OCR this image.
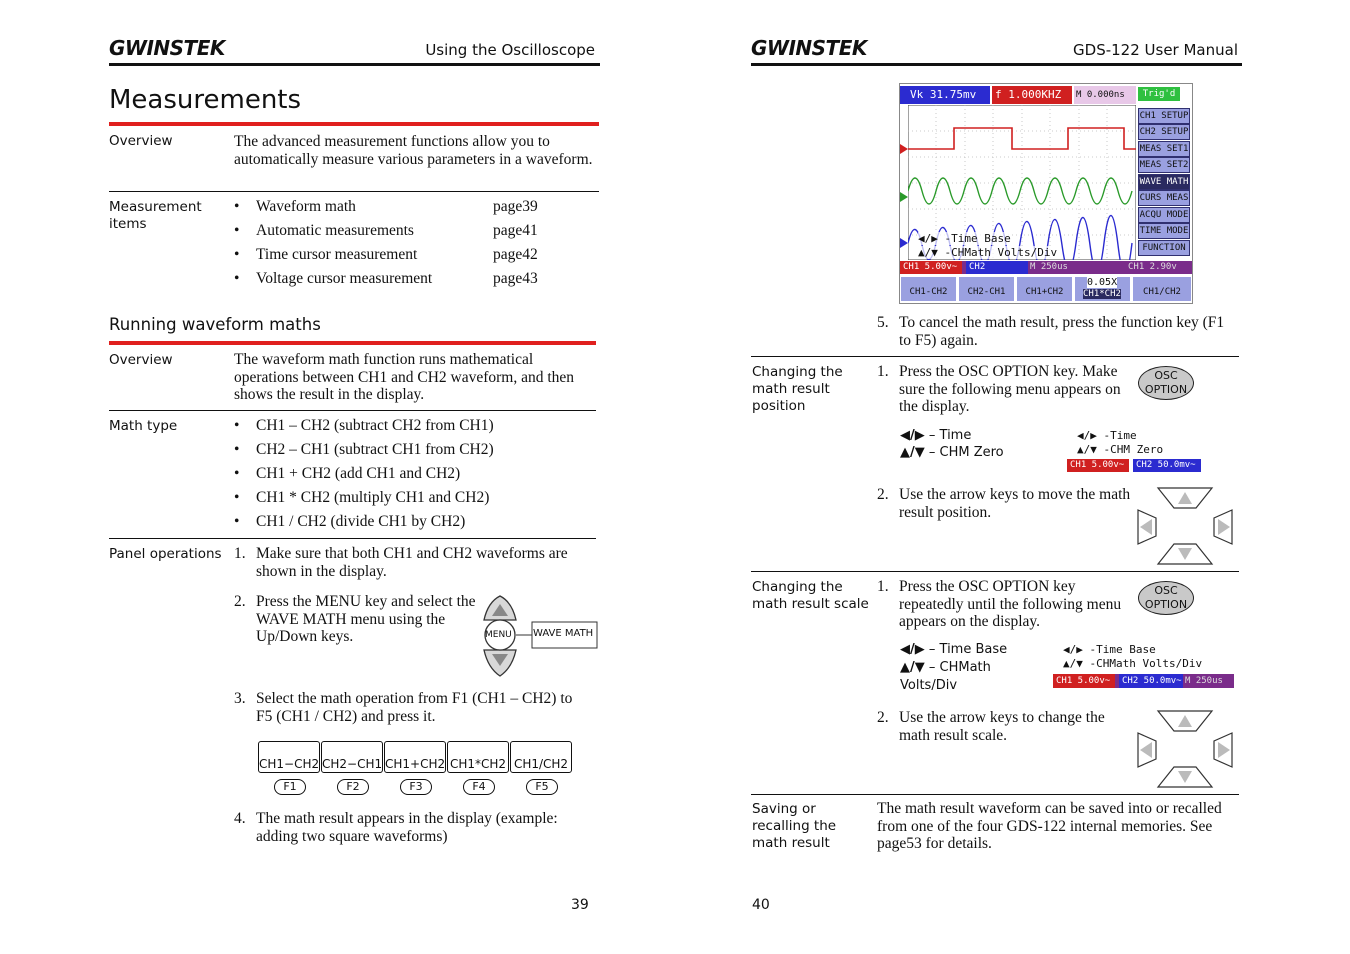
GWINSTEK	Using the Oscilloscope
Measurements
Overview	The advanced measurement functions allow you to automatically measure various parameters in a waveform.
Measurement items
• Waveform math	page39
• Automatic measurements	page41
• Time cursor measurement	page42
• Voltage cursor measurement	page43
Running waveform maths
Overview	The waveform math function runs mathematical operations between CH1 and CH2 waveform, and then shows the result in the display.
Math type	• CH1 – CH2 (subtract CH2 from CH1)
• CH2 – CH1 (subtract CH1 from CH2)
• CH1 + CH2 (add CH1 and CH2)
• CH1 * CH2 (multiply CH1 and CH2)
• CH1 / CH2 (divide CH1 by CH2)
Panel operations 1. Make sure that both CH1 and CH2 waveforms are shown in the display.
2. Press the MENU key and select the WAVE MATH menu using the Up/Down keys.	MENU WAVE MATH
3. Select the math operation from F1 (CH1 – CH2) to F5 (CH1 / CH2) and press it.
CH1−CH2 CH2−CH1 CH1+CH2 CH1*CH2 CH1/CH2
F1	F2	F3	F4	F5
4. The math result appears in the display (example: adding two square waveforms)
39
GWINSTEK	GDS-122 User Manual
Vk 31.75mv	f 1.000KHZ	M 0.000ns	Trig'd
◀/▶ -Time Base
▲/▼ -CHMath Volts/Div
CH1 SETUP
CH2 SETUP
MEAS SET1
MEAS SET2
WAVE MATH
CURS MEAS
ACQU MODE
TIME MODE
FUNCTION
CH1 5.00v~	CH2	M 250us	CH1 2.90v
CH1-CH2	CH2-CH1	CH1+CH2
0.05X
CH1*CH2	CH1/CH2
5. To cancel the math result, press the function key (F1 to F5) again.
Changing the math result position
1. Press the OSC OPTION key. Make sure the following menu appears on the display.
OSC
OPTION
◀/▶ – Time
▲/▼ – CHM Zero
◀/▶ -Time
▲/▼ -CHM Zero
CH1 5.00v~	CH2 50.0mv~
2. Use the arrow keys to move the math result position.
Changing the math result scale
1. Press the OSC OPTION key repeatedly until the following menu appears on the display.
OSC
OPTION
◀/▶ – Time Base
▲/▼ – CHMath
Volts/Div
◀/▶ -Time Base
▲/▼ -CHMath Volts/Div
CH1 5.00v~	CH2 50.0mv~ M 250us
2. Use the arrow keys to change the math result scale.
Saving or recalling the math result
The math result waveform can be saved into or recalled from one of the four GDS-122 internal memories. See page53 for details.
40
